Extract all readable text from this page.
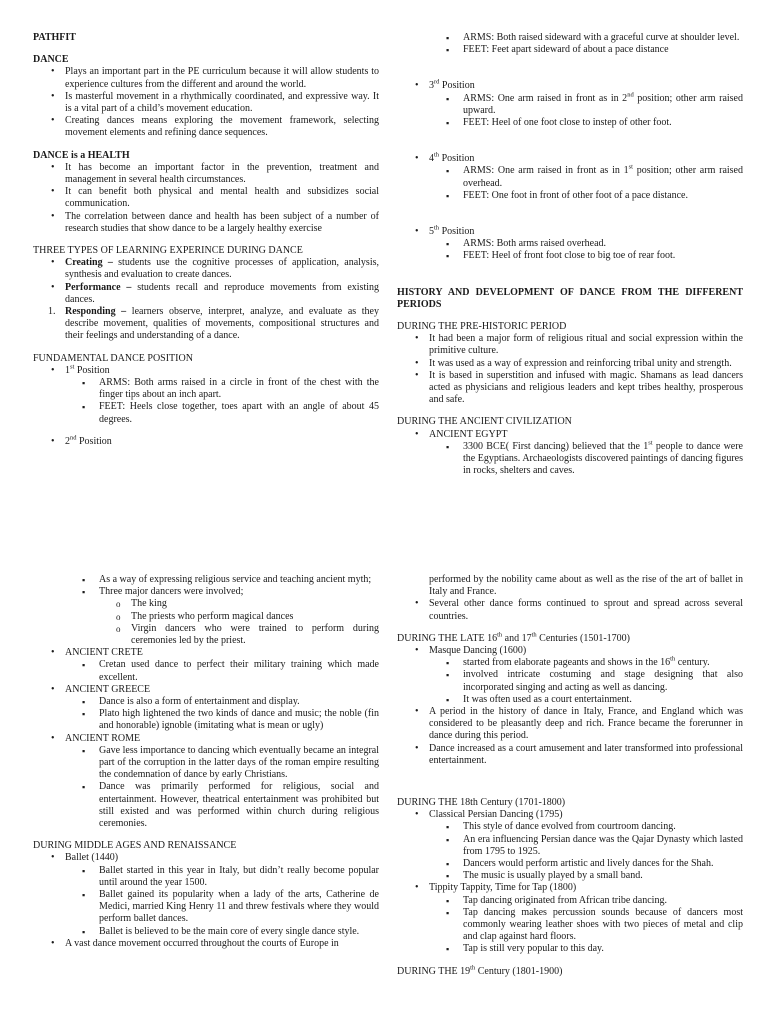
PATHFIT

DANCE

• Plays an important part in the PE curriculum because it will allow students to experience cultures from the different and around the world.
• Is masterful movement in a rhythmically coordinated, and expressive way. It is a vital part of a child’s movement education.
• Creating dances means exploring the movement framework, selecting movement elements and refining dance sequences.

DANCE is a HEALTH

• It has become an important factor in the prevention, treatment and management in several health circumstances.
• It can benefit both physical and mental health and subsidizes social communication.
• The correlation between dance and health has been subject of a number of research studies that show dance to be a largely healthy exercise

THREE TYPES OF LEARNING EXPERINCE DURING DANCE

• Creating – students use the cognitive processes of application, analysis, synthesis and evaluation to create dances.
• Performance – students recall and reproduce movements from existing dances.
1. Responding – learners observe, interpret, analyze, and evaluate as they describe movement, qualities of movements, compositional structures and their feelings and understanding of a dance.

FUNDAMENTAL DANCE POSITION

• 1st Position
▪ ARMS: Both arms raised in a circle in front of the chest with the finger tips about an inch apart.
▪ FEET: Heels close together, toes apart with an angle of about 45 degrees.
• 2nd Position
▪ ARMS: Both raised sideward with a graceful curve at shoulder level.
▪ FEET: Feet apart sideward of about a pace distance
• 3rd Position
▪ ARMS: One arm raised in front as in 2nd position; other arm raised upward.
▪ FEET: Heel of one foot close to instep of other foot.
• 4th Position
▪ ARMS: One arm raised in front as in 1st position; other arm raised overhead.
▪ FEET: One foot in front of other foot of a pace distance.
• 5th Position
▪ ARMS: Both arms raised overhead.
▪ FEET: Heel of front foot close to big toe of rear foot.

HISTORY AND DEVELOPMENT OF DANCE FROM THE DIFFERENT PERIODS

DURING THE PRE-HISTORIC PERIOD

• It had been a major form of religious ritual and social expression within the primitive culture.
• It was used as a way of expression and reinforcing tribal unity and strength.
• It is based in superstition and infused with magic. Shamans as lead dancers acted as physicians and religious leaders and kept tribes healthy, prosperous and safe.

DURING THE ANCIENT CIVILIZATION

• ANCIENT EGYPT
▪ 3300 BCE( First dancing) believed that the 1st people to dance were the Egyptians. Archaeologists discovered paintings of dancing figures in rocks, shelters and caves.
▪ As a way of expressing religious service and teaching ancient myth;
▪ Three major dancers were involved;
o The king
o The priests who perform magical dances
o Virgin dancers who were trained to perform during ceremonies led by the priest.
• ANCIENT CRETE
▪ Cretan used dance to perfect their military training which made excellent.
• ANCIENT GREECE
▪ Dance is also a form of entertainment and display.
▪ Plato high lightened the two kinds of dance and music; the noble (fin and honorable) ignoble (imitating what is mean or ugly)
• ANCIENT ROME
▪ Gave less importance to dancing which eventually became an integral part of the corruption in the latter days of the roman empire resulting the condemnation of dance by early Christians.
▪ Dance was primarily performed for religious, social and entertainment. However, theatrical entertainment was prohibited but still existed and was performed within church during religious ceremonies.

DURING MIDDLE AGES AND RENAISSANCE

• Ballet (1440)
▪ Ballet started in this year in Italy, but didn’t really become popular until around the year 1500.
▪ Ballet gained its popularity when a lady of the arts, Catherine de Medici, married King Henry 11 and threw festivals where they would perform ballet dances.
▪ Ballet is believed to be the main core of every single dance style.
• A vast dance movement occurred throughout the courts of Europe in

performed by the nobility came about as well as the rise of the art of ballet in Italy and France.

• Several other dance forms continued to sprout and spread across several countries.

DURING THE LATE 16th and 17th Centuries (1501-1700)

• Masque Dancing (1600)
▪ started from elaborate pageants and shows in the 16th century.
▪ involved intricate costuming and stage designing that also incorporated singing and acting as well as dancing.
▪ It was often used as a court entertainment.
• A period in the history of dance in Italy, France, and England which was considered to be pleasantly deep and rich. France became the forerunner in dance during this period.
• Dance increased as a court amusement and later transformed into professional entertainment.

DURING THE 18th Century (1701-1800)

• Classical Persian Dancing (1795)
▪ This style of dance evolved from courtroom dancing.
▪ An era influencing Persian dance was the Qajar Dynasty which lasted from 1795 to 1925.
▪ Dancers would perform artistic and lively dances for the Shah.
▪ The music is usually played by a small band.
• Tippity Tappity, Time for Tap (1800)
▪ Tap dancing originated from African tribe dancing.
▪ Tap dancing makes percussion sounds because of dancers most commonly wearing leather shoes with two pieces of metal and clip and clap against hard floors.
▪ Tap is still very popular to this day.

DURING THE 19th Century (1801-1900)
